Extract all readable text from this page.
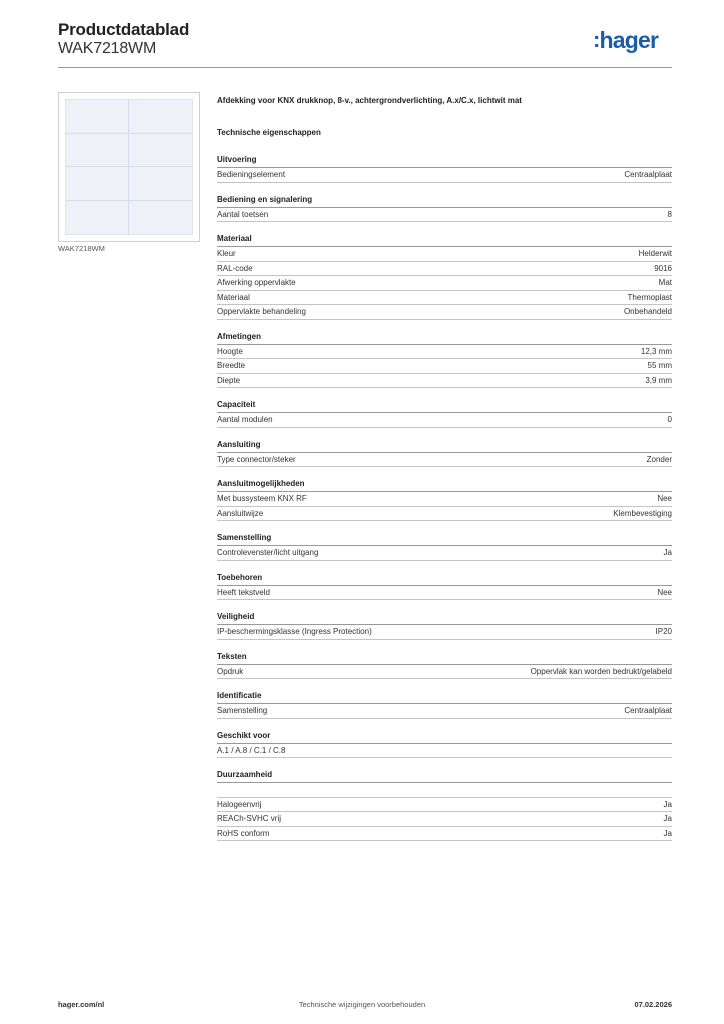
Productdatablad
WAK7218WM	:hager
WAK7218WM
Afdekking voor KNX drukknop, 8-v., achtergrondverlichting, A.x/C.x, lichtwit mat
Technische eigenschappen
Uitvoering
Bedieningselement	Centraalplaat
Bediening en signalering
Aantal toetsen	8
Materiaal
Kleur	Helderwit
RAL-code	9016
Afwerking oppervlakte	Mat
Materiaal	Thermoplast
Oppervlakte behandeling	Onbehandeld
Afmetingen
Hoogte	12,3 mm
Breedte	55 mm
Diepte	3,9 mm
Capaciteit
Aantal modulen	0
Aansluiting
Type connector/steker	Zonder
Aansluitmogelijkheden
Met bussysteem KNX RF	Nee
Aansluitwijze	Klembevestiging
Samenstelling
Controlevenster/licht uitgang	Ja
Toebehoren
Heeft tekstveld	Nee
Veiligheid
IP-beschermingsklasse (Ingress Protection)	IP20
Teksten
Opdruk	Oppervlak kan worden bedrukt/gelabeld
Identificatie
Samenstelling	Centraalplaat
Geschikt voor
A.1 / A.8 / C.1 / C.8
Duurzaamheid
Halogeenvrij	Ja
REACh-SVHC vrij	Ja
RoHS conform	Ja
hager.com/nl	Technische wijzigingen voorbehouden	07.02.2026
